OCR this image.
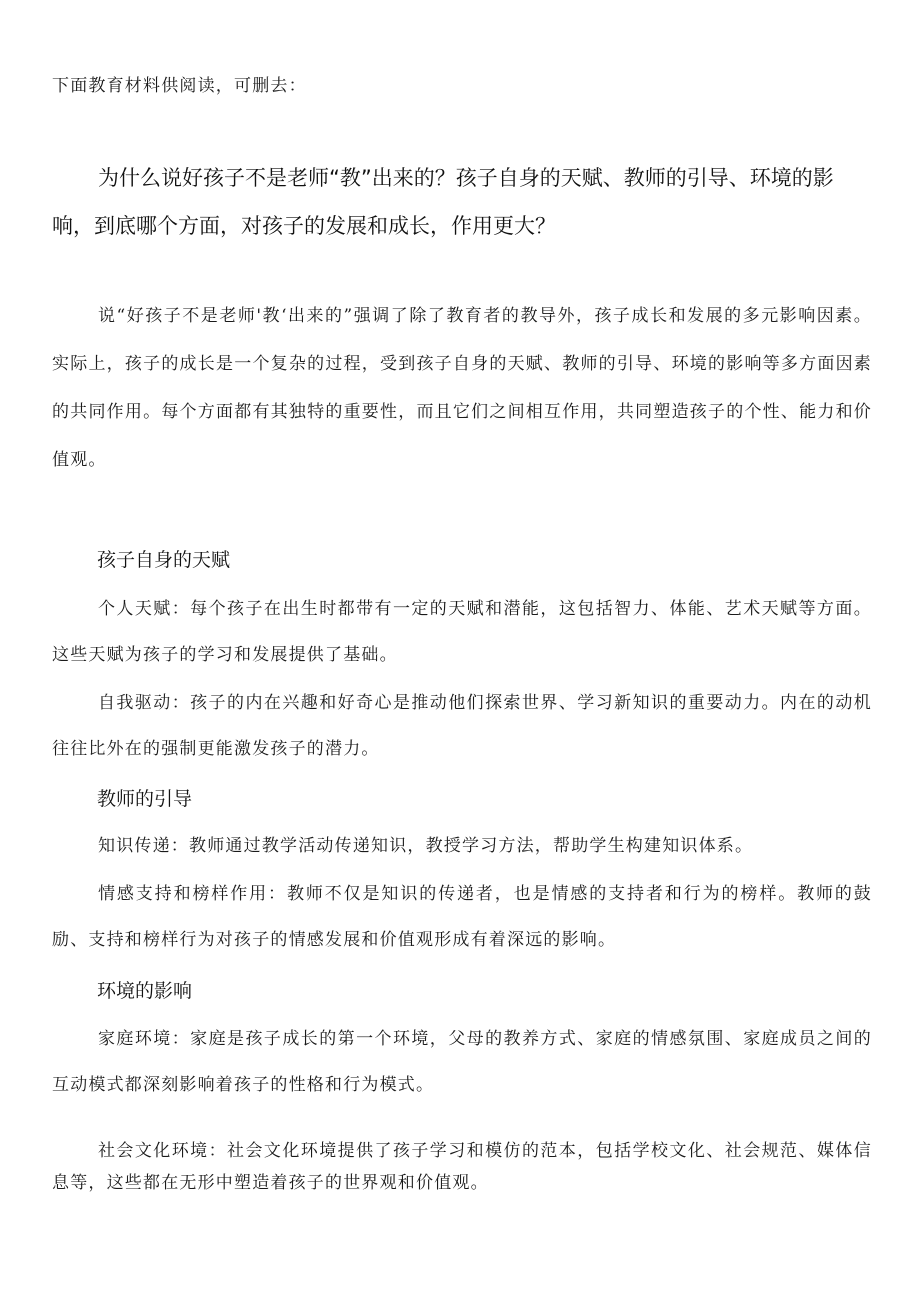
下面教育材料供阅读，可删去：

为什么说好孩子不是老师“教”出来的？孩子自身的天赋、教师的引导、环境的影响，到底哪个方面，对孩子的发展和成长，作用更大？

说“好孩子不是老师'教‘出来的”强调了除了教育者的教导外，孩子成长和发展的多元影响因素。实际上，孩子的成长是一个复杂的过程，受到孩子自身的天赋、教师的引导、环境的影响等多方面因素的共同作用。每个方面都有其独特的重要性，而且它们之间相互作用，共同塑造孩子的个性、能力和价值观。

孩子自身的天赋

个人天赋：每个孩子在出生时都带有一定的天赋和潜能，这包括智力、体能、艺术天赋等方面。这些天赋为孩子的学习和发展提供了基础。

自我驱动：孩子的内在兴趣和好奇心是推动他们探索世界、学习新知识的重要动力。内在的动机往往比外在的强制更能激发孩子的潜力。

教师的引导

知识传递：教师通过教学活动传递知识，教授学习方法，帮助学生构建知识体系。

情感支持和榜样作用：教师不仅是知识的传递者，也是情感的支持者和行为的榜样。教师的鼓励、支持和榜样行为对孩子的情感发展和价值观形成有着深远的影响。

环境的影响

家庭环境：家庭是孩子成长的第一个环境，父母的教养方式、家庭的情感氛围、家庭成员之间的互动模式都深刻影响着孩子的性格和行为模式。

社会文化环境：社会文化环境提供了孩子学习和模仿的范本，包括学校文化、社会规范、媒体信息等，这些都在无形中塑造着孩子的世界观和价值观。
